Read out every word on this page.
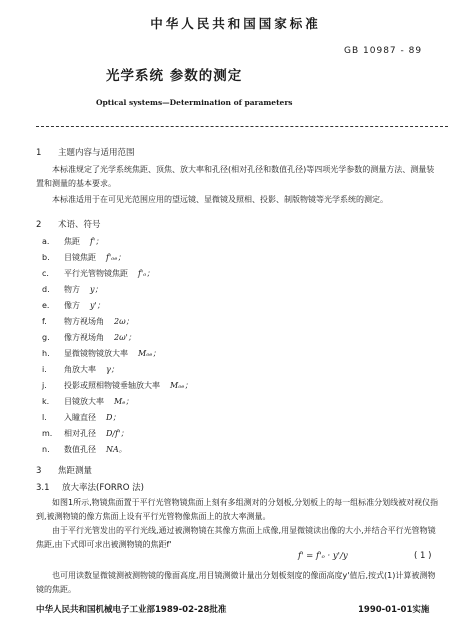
中华人民共和国国家标准
GB 10987 - 89
光学系统 参数的测定
Optical systems—Determination of parameters
1 主题内容与适用范围
本标准规定了光学系统焦距、顶焦、放大率和孔径(相对孔径和数值孔径)等四项光学参数的测量方法、测量装置和测量的基本要求。
本标准适用于在可见光范围应用的望远镜、显微镜及照相、投影、制版物镜等光学系统的测定。
2 术语、符号
a. 焦距 f'；
b. 目镜焦距 f'ₒₑ；
c. 平行光管物镜焦距 f'ₒ；
d. 物方 y；
e. 像方 y'；
f. 物方视场角 2ω；
g. 像方视场角 2ω'；
h. 显微镜物镜放大率 Mₒₑ；
i. 角放大率 γ；
j. 投影或照相物镜垂轴放大率 Mₒₑ；
k. 目镜放大率 Mₑ；
l. 入瞳直径 D；
m. 相对孔径 D/f'；
n. 数值孔径 NA。
3 焦距测量
3.1 放大率法(FORRO 法)
如图1所示,物镜焦面置于平行光管物镜焦面上刻有多组测对的分划板,分划板上的每一组标准分划线被对视仪指到,被测物镜的像方焦面上设有平行光管物像焦面上的放大率测量。
由于平行光管发出的平行光线,通过被测物镜在其像方焦面上成像,用显微镜读出像的大小,并结合平行光管物镜焦距,由下式即可求出被测物镜的焦距f'
f' = f'ₒ · y'/y	( 1 )
也可用读数显微镜测被测物镜的像面高度,用目镜测微计量出分划板刻度的像面高度y'值后,按式(1)计算被测物镜的焦距。
中华人民共和国机械电子工业部1989-02-28批准	1990-01-01实施
